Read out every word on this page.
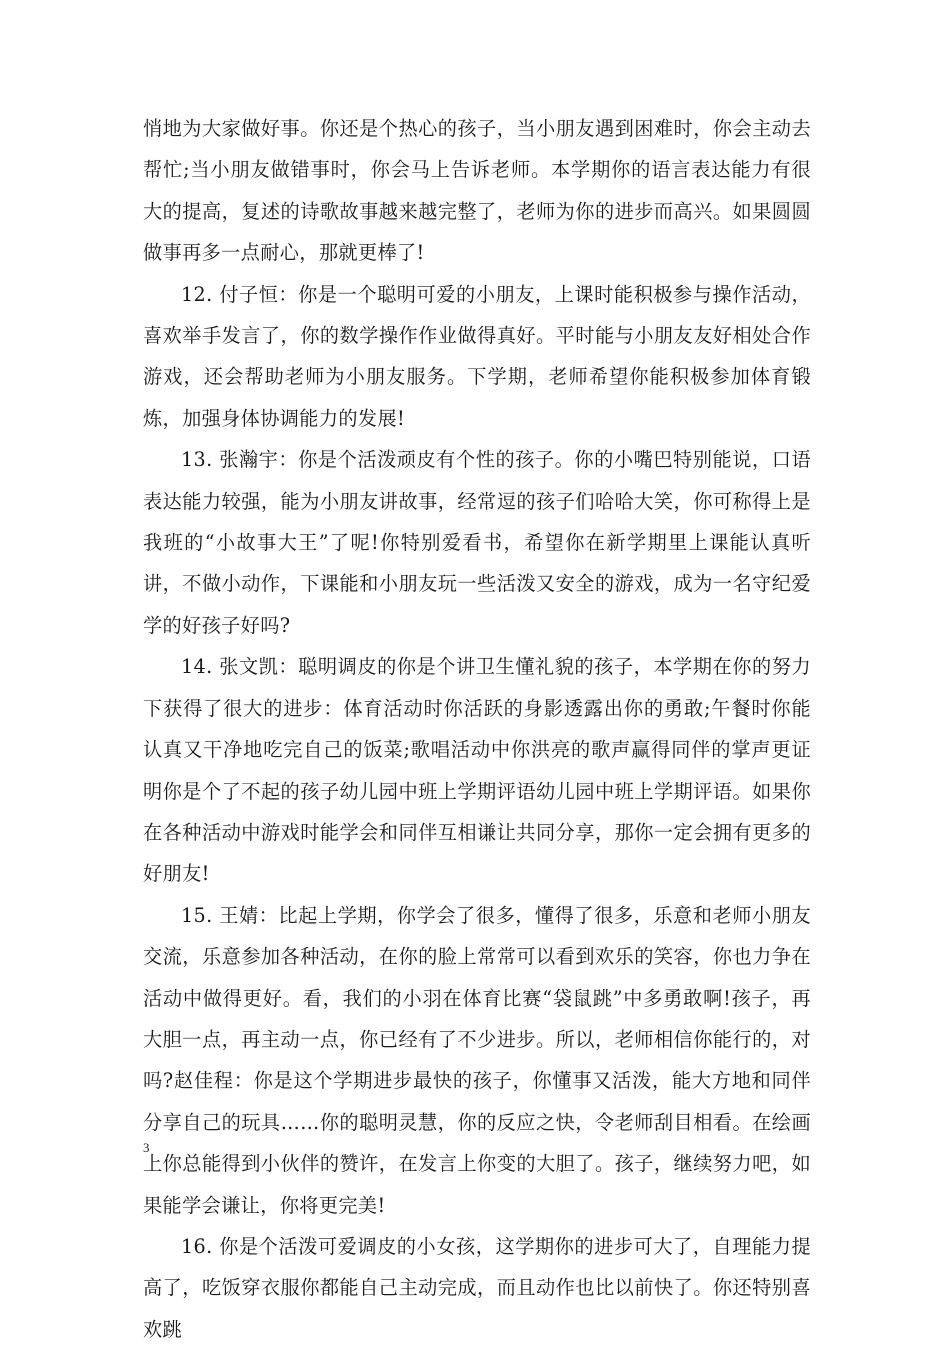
悄地为大家做好事。你还是个热心的孩子，当小朋友遇到困难时，你会主动去帮忙;当小朋友做错事时，你会马上告诉老师。本学期你的语言表达能力有很大的提高，复述的诗歌故事越来越完整了，老师为你的进步而高兴。如果圆圆做事再多一点耐心，那就更棒了!

12. 付子恒：你是一个聪明可爱的小朋友，上课时能积极参与操作活动，喜欢举手发言了，你的数学操作作业做得真好。平时能与小朋友友好相处合作游戏，还会帮助老师为小朋友服务。下学期，老师希望你能积极参加体育锻炼，加强身体协调能力的发展!

13. 张瀚宇：你是个活泼顽皮有个性的孩子。你的小嘴巴特别能说，口语表达能力较强，能为小朋友讲故事，经常逗的孩子们哈哈大笑，你可称得上是我班的“小故事大王”了呢!你特别爱看书，希望你在新学期里上课能认真听讲，不做小动作，下课能和小朋友玩一些活泼又安全的游戏，成为一名守纪爱学的好孩子好吗?

14. 张文凯：聪明调皮的你是个讲卫生懂礼貌的孩子，本学期在你的努力下获得了很大的进步：体育活动时你活跃的身影透露出你的勇敢;午餐时你能认真又干净地吃完自己的饭菜;歌唱活动中你洪亮的歌声赢得同伴的掌声更证明你是个了不起的孩子幼儿园中班上学期评语幼儿园中班上学期评语。如果你在各种活动中游戏时能学会和同伴互相谦让共同分享，那你一定会拥有更多的好朋友!

15. 王婧：比起上学期，你学会了很多，懂得了很多，乐意和老师小朋友交流，乐意参加各种活动，在你的脸上常常可以看到欢乐的笑容，你也力争在活动中做得更好。看，我们的小羽在体育比赛“袋鼠跳”中多勇敢啊!孩子，再大胆一点，再主动一点，你已经有了不少进步。所以，老师相信你能行的，对吗?赵佳程：你是这个学期进步最快的孩子，你懂事又活泼，能大方地和同伴分享自己的玩具……你的聪明灵慧，你的反应之快，令老师刮目相看。在绘画上你总能得到小伙伴的赞许，在发言上你变的大胆了。孩子，继续努力吧，如果能学会谦让，你将更完美!

16. 你是个活泼可爱调皮的小女孩，这学期你的进步可大了，自理能力提高了，吃饭穿衣服你都能自己主动完成，而且动作也比以前快了。你还特别喜欢跳

3
